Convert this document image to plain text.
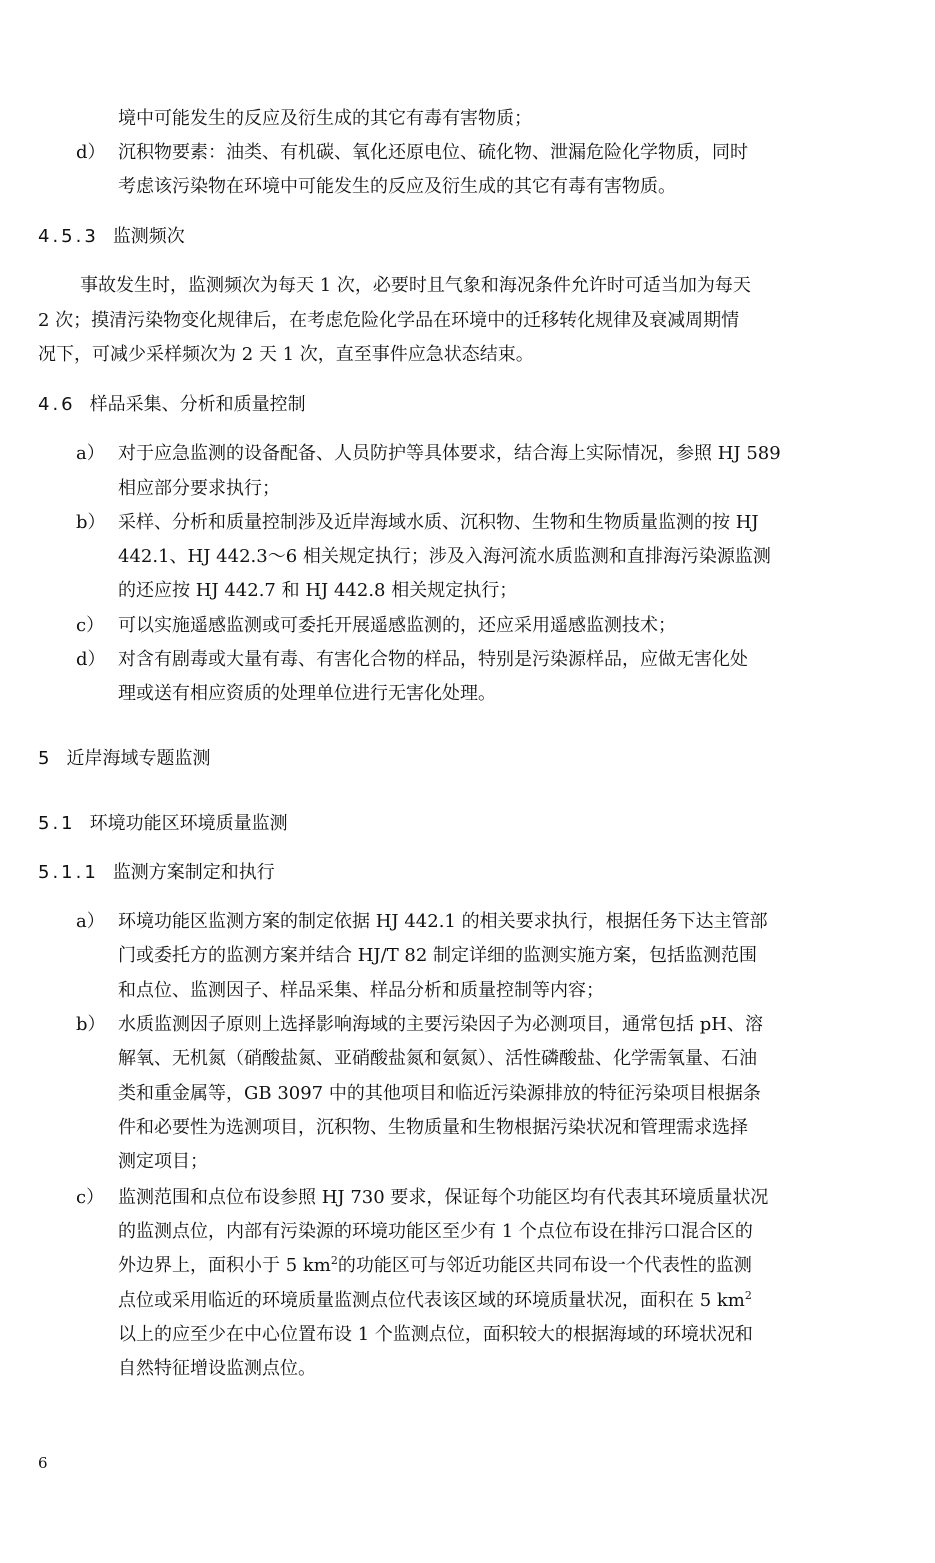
境中可能发生的反应及衍生成的其它有毒有害物质；
d） 沉积物要素：油类、有机碳、氧化还原电位、硫化物、泄漏危险化学物质，同时
考虑该污染物在环境中可能发生的反应及衍生成的其它有毒有害物质。
4.5.3 监测频次
事故发生时，监测频次为每天 1 次，必要时且气象和海况条件允许时可适当加为每天
2 次；摸清污染物变化规律后，在考虑危险化学品在环境中的迁移转化规律及衰减周期情
况下，可减少采样频次为 2 天 1 次，直至事件应急状态结束。
4.6 样品采集、分析和质量控制
a） 对于应急监测的设备配备、人员防护等具体要求，结合海上实际情况，参照 HJ 589
相应部分要求执行；
b） 采样、分析和质量控制涉及近岸海域水质、沉积物、生物和生物质量监测的按 HJ
442.1、HJ 442.3～6 相关规定执行；涉及入海河流水质监测和直排海污染源监测
的还应按 HJ 442.7 和 HJ 442.8 相关规定执行；
c） 可以实施遥感监测或可委托开展遥感监测的，还应采用遥感监测技术；
d） 对含有剧毒或大量有毒、有害化合物的样品，特别是污染源样品，应做无害化处
理或送有相应资质的处理单位进行无害化处理。
5 近岸海域专题监测
5.1 环境功能区环境质量监测
5.1.1 监测方案制定和执行
a） 环境功能区监测方案的制定依据 HJ 442.1 的相关要求执行，根据任务下达主管部
门或委托方的监测方案并结合 HJ/T 82 制定详细的监测实施方案，包括监测范围
和点位、监测因子、样品采集、样品分析和质量控制等内容；
b） 水质监测因子原则上选择影响海域的主要污染因子为必测项目，通常包括 pH、溶
解氧、无机氮（硝酸盐氮、亚硝酸盐氮和氨氮）、活性磷酸盐、化学需氧量、石油
类和重金属等，GB 3097 中的其他项目和临近污染源排放的特征污染项目根据条
件和必要性为选测项目，沉积物、生物质量和生物根据污染状况和管理需求选择
测定项目；
c） 监测范围和点位布设参照 HJ 730 要求，保证每个功能区均有代表其环境质量状况
的监测点位，内部有污染源的环境功能区至少有 1 个点位布设在排污口混合区的
外边界上，面积小于 5 $km^2$的功能区可与邻近功能区共同布设一个代表性的监测
点位或采用临近的环境质量监测点位代表该区域的环境质量状况，面积在 5 $km^2$
以上的应至少在中心位置布设 1 个监测点位，面积较大的根据海域的环境状况和
自然特征增设监测点位。
6
